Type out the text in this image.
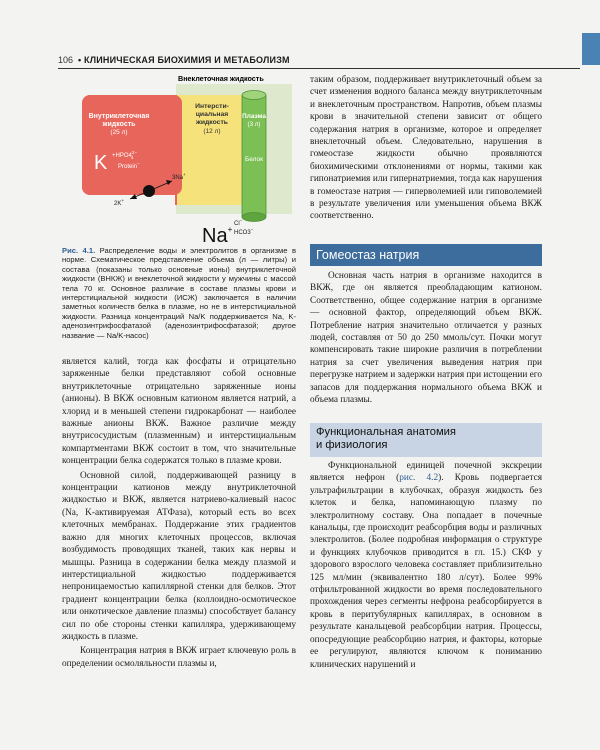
106 • КЛИНИЧЕСКАЯ БИОХИМИЯ И МЕТАБОЛИЗМ
Внеклеточная жидкость
Внутриклеточная жидкость
(25 л)
Интерсти-циальная жидкость
(12 л)
Плазма
(3 л)
Белок
$K +HPO4^{2-}$ 4
Protein−
3Na+
2K+
Na+
Cl−
HCO3−
Рис. 4.1. Распределение воды и электролитов в организме в норме. Схематическое представление объема (л — литры) и состава (показаны только основные ионы) внутриклеточной жидкости (ВНКЖ) и внеклеточной жидкости у мужчины с массой тела 70 кг. Основное различие в составе плазмы крови и интерстициальной жидкости (ИСЖ) заключается в наличии заметных количеств белка в плазме, но не в интерстициальной жидкости. Разница концентраций Na/K поддерживается Na, K-аденозинтрифосфатазой (аденозинтрифосфатазой; другое название — Na/K-насос)

является калий, тогда как фосфаты и отрицательно заряженные белки представляют собой основные внутриклеточные отрицательно заряженные ионы (анионы). В ВКЖ основным катионом является натрий, а хлорид и в меньшей степени гидрокарбонат — наиболее важные анионы ВКЖ. Важное различие между внутрисосудистым (плазменным) и интерстициальным компартментами ВКЖ состоит в том, что значительные концентрации белка содержатся только в плазме крови.

Основной силой, поддерживающей разницу в концентрации катионов между внутриклеточной жидкостью и ВКЖ, является натриево-калиевый насос (Na, K-активируемая АТФаза), который есть во всех клеточных мембранах. Поддержание этих градиентов важно для многих клеточных процессов, включая возбудимость проводящих тканей, таких как нервы и мышцы. Разница в содержании белка между плазмой и интерстициальной жидкостью поддерживается непроницаемостью капиллярной стенки для белков. Этот градиент концентрации белка (коллоидно-осмотическое или онкотическое давление плазмы) способствует балансу сил по обе стороны стенки капилляра, удерживающему жидкость в плазме.

Концентрация натрия в ВКЖ играет ключевую роль в определении осмоляльности плазмы и,

таким образом, поддерживает внутриклеточный объем за счет изменения водного баланса между внутриклеточным и внеклеточным пространством. Напротив, объем плазмы крови в значительной степени зависит от общего содержания натрия в организме, которое и определяет внеклеточный объем. Следовательно, нарушения в гомеостазе жидкости обычно проявляются биохимическими отклонениями от нормы, такими как гипонатриемия или гипернатриемия, тогда как нарушения в гомеостазе натрия — гиперволемией или гиповолемией в результате увеличения или уменьшения объема ВКЖ соответственно.

Гомеостаз натрия

Основная часть натрия в организме находится в ВКЖ, где он является преобладающим катионом. Соответственно, общее содержание натрия в организме — основной фактор, определяющий объем ВКЖ. Потребление натрия значительно отличается у разных людей, составляя от 50 до 250 ммоль/сут. Почки могут компенсировать такие широкие различия в потреблении натрия за счет увеличения выведения натрия при перегрузке натрием и задержки натрия при истощении его запасов для поддержания нормального объема ВКЖ и объема плазмы.

Функциональная анатомия
и физиология

Функциональной единицей почечной экскреции является нефрон (рис. 4.2). Кровь подвергается ультрафильтрации в клубочках, образуя жидкость без клеток и белка, напоминающую плазму по электролитному составу. Она попадает в почечные канальцы, где происходит реабсорбция воды и различных электролитов. (Более подробная информация о структуре и функциях клубочков приводится в гл. 15.) СКФ у здорового взрослого человека составляет приблизительно 125 мл/мин (эквивалентно 180 л/сут). Более 99% отфильтрованной жидкости во время последовательного прохождения через сегменты нефрона реабсорбируется в кровь в перитубулярных капиллярах, в основном в результате канальцевой реабсорбции натрия. Процессы, опосредующие реабсорбцию натрия, и факторы, которые ее регулируют, являются ключом к пониманию клинических нарушений и
